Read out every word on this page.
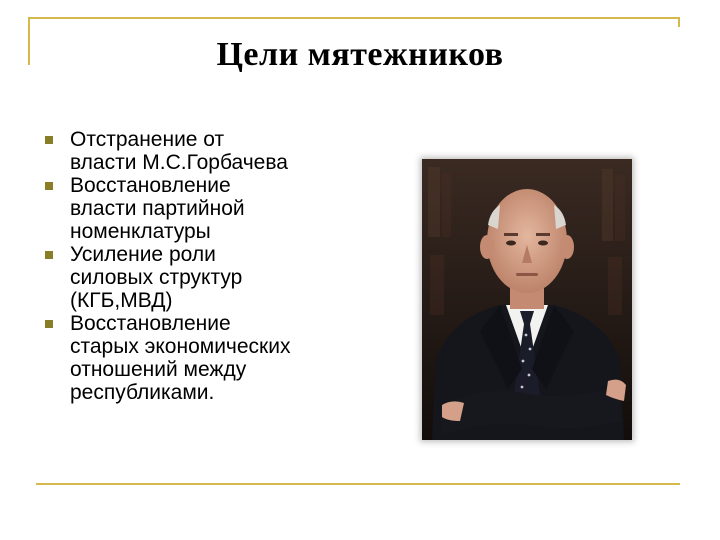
Цели мятежников
Отстранение от
власти М.С.Горбачева
Восстановление
власти партийной
номенклатуры
Усиление роли
силовых структур
(КГБ,МВД)
Восстановление
старых экономических
отношений между
республиками.
